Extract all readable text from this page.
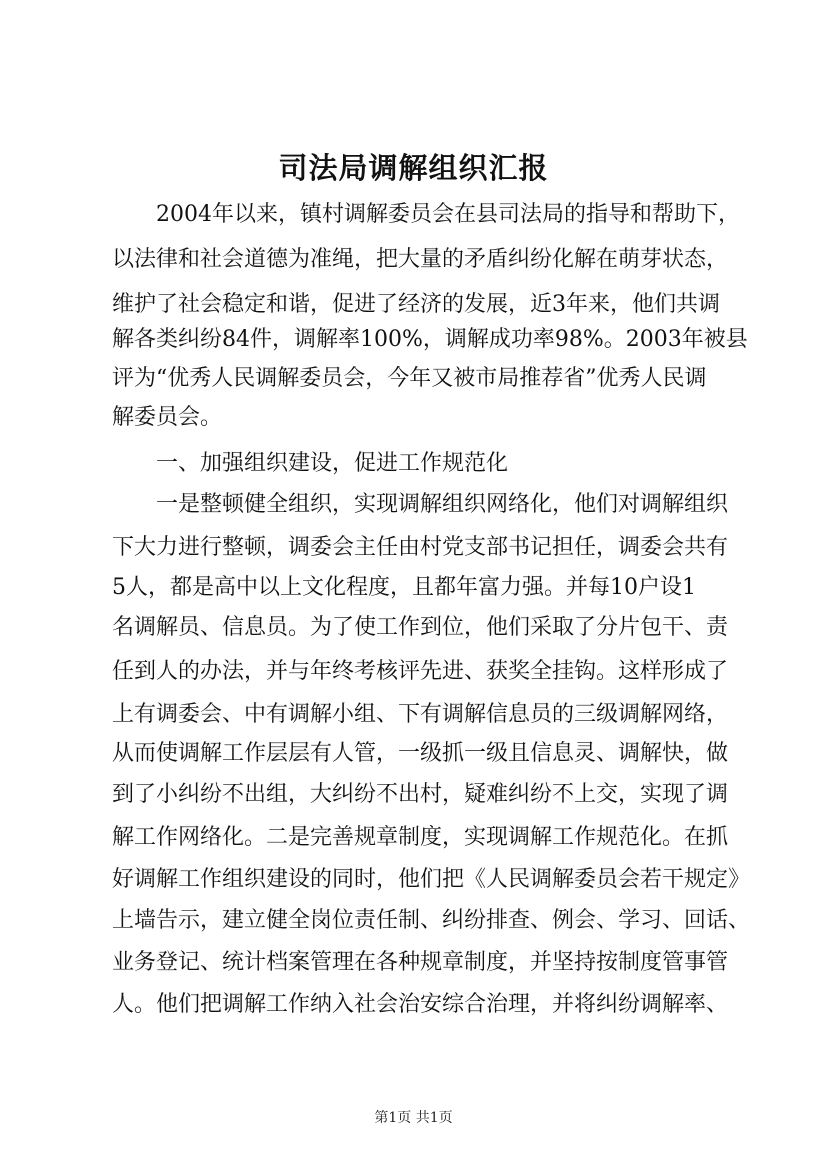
司法局调解组织汇报

　　2004年以来，镇村调解委员会在县司法局的指导和帮助下，

以法律和社会道德为准绳，把大量的矛盾纠纷化解在萌芽状态，

维护了社会稳定和谐，促进了经济的发展，近3年来，他们共调

解各类纠纷84件，调解率100%，调解成功率98%。2003年被县

评为“优秀人民调解委员会，今年又被市局推荐省”优秀人民调

解委员会。

　　一、加强组织建设，促进工作规范化

　　一是整顿健全组织，实现调解组织网络化，他们对调解组织

下大力进行整顿，调委会主任由村党支部书记担任，调委会共有

5人，都是高中以上文化程度，且都年富力强。并每10户设1

名调解员、信息员。为了使工作到位，他们采取了分片包干、责

任到人的办法，并与年终考核评先进、获奖全挂钩。这样形成了

上有调委会、中有调解小组、下有调解信息员的三级调解网络，

从而使调解工作层层有人管，一级抓一级且信息灵、调解快，做

到了小纠纷不出组，大纠纷不出村，疑难纠纷不上交，实现了调

解工作网络化。二是完善规章制度，实现调解工作规范化。在抓

好调解工作组织建设的同时，他们把《人民调解委员会若干规定》

上墙告示，建立健全岗位责任制、纠纷排查、例会、学习、回话、

业务登记、统计档案管理在各种规章制度，并坚持按制度管事管

人。他们把调解工作纳入社会治安综合治理，并将纠纷调解率、

第1页 共1页
